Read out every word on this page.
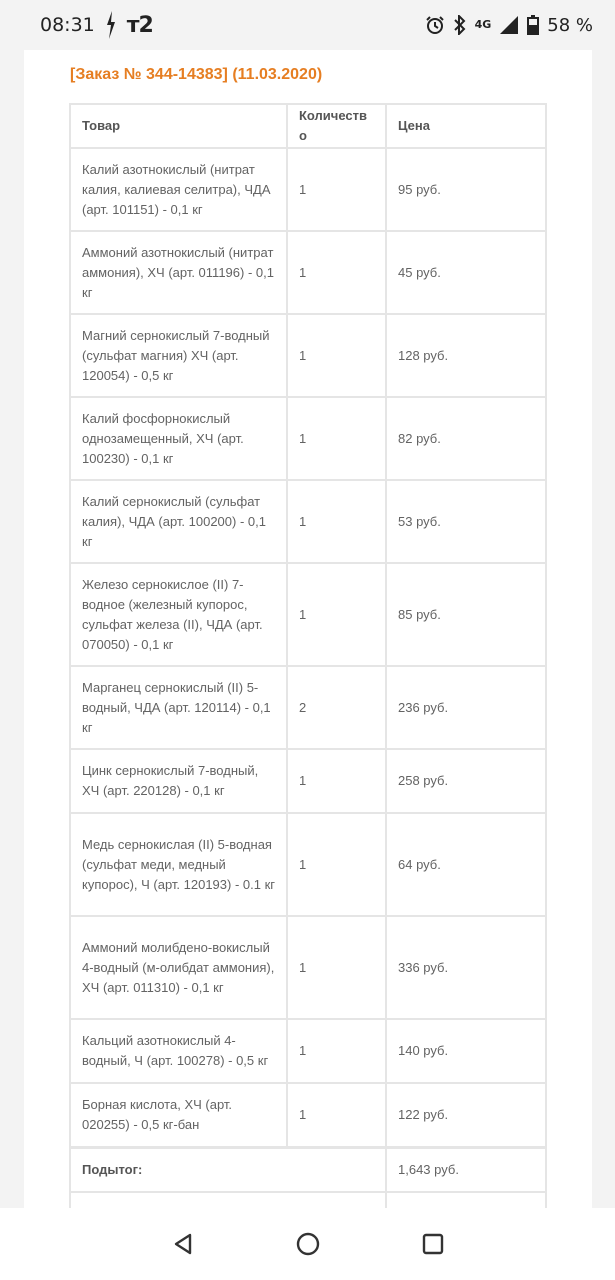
08:31 т2	4G	58 %
[Заказ № 344-14383] (11.03.2020)
Товар	Количество	Цена
Калий азотнокислый (нитрат калия, калиевая селитра), ЧДА (арт. 101151) - 0,1 кг	1	95 руб.
Аммоний азотнокислый (нитрат аммония), ХЧ (арт. 011196) - 0,1 кг	1	45 руб.
Магний сернокислый 7-водный (сульфат магния) ХЧ (арт. 120054) - 0,5 кг	1	128 руб.
Калий фосфорнокислый однозамещенный, ХЧ (арт. 100230) - 0,1 кг	1	82 руб.
Калий сернокислый (сульфат калия), ЧДА (арт. 100200) - 0,1 кг	1	53 руб.
Железо сернокислое (II) 7-водное (железный купорос, сульфат железа (II), ЧДА (арт. 070050) - 0,1 кг	1	85 руб.
Марганец сернокислый (II) 5-водный, ЧДА (арт. 120114) - 0,1 кг	2	236 руб.
Цинк сернокислый 7-водный, ХЧ (арт. 220128) - 0,1 кг	1	258 руб.
Медь сернокислая (II) 5-водная (сульфат меди, медный купорос), Ч (арт. 120193) - 0.1 кг	1	64 руб.
Аммоний молибдено-вокислый 4-водный (м-олибдат аммония), ХЧ (арт. 011310) - 0,1 кг	1	336 руб.
Кальций азотнокислый 4-водный, Ч (арт. 100278) - 0,5 кг	1	140 руб.
Борная кислота, ХЧ (арт. 020255) - 0,5 кг-бан	1	122 руб.
Подытог:		1,643 руб.
